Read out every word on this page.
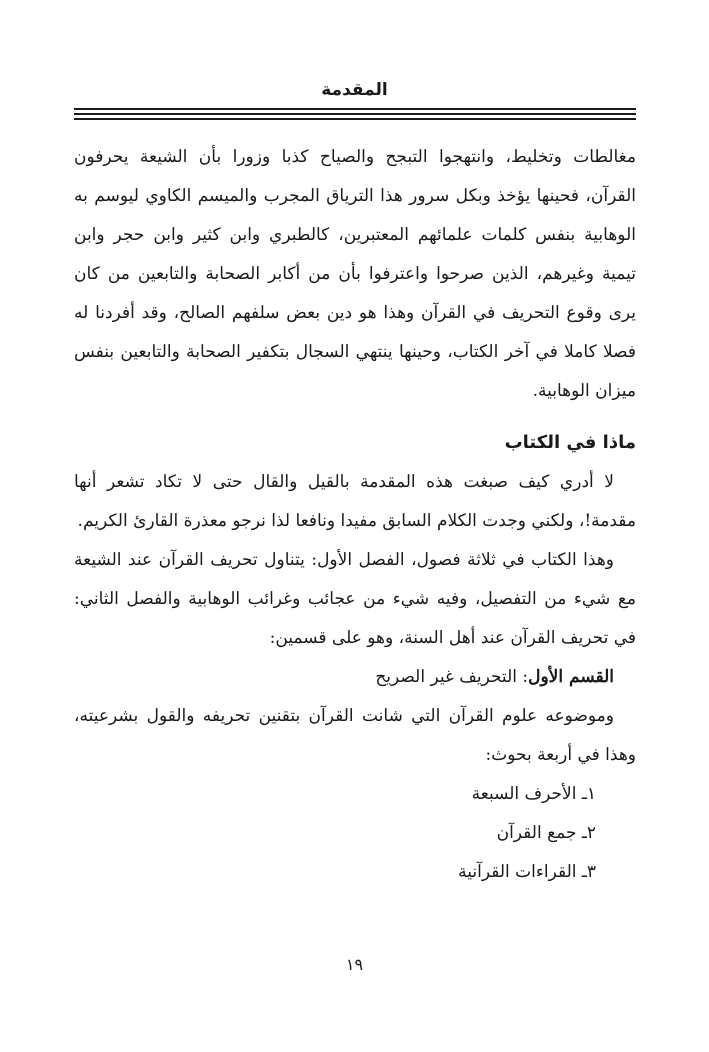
المقدمة

مغالطات وتخليط، وانتهجوا التبجح والصياح كذبا وزورا بأن الشيعة يحرفون القرآن، فحينها يؤخذ وبكل سرور هذا الترياق المجرب والميسم الكاوي ليوسم به الوهابية بنفس كلمات علمائهم المعتبرين، كالطبري وابن كثير وابن حجر وابن تيمية وغيرهم، الذين صرحوا واعترفوا بأن من أكابر الصحابة والتابعين من كان يرى وقوع التحريف في القرآن وهذا هو دين بعض سلفهم الصالح، وقد أفردنا له فصلا كاملا في آخر الكتاب، وحينها ينتهي السجال بتكفير الصحابة والتابعين بنفس ميزان الوهابية.

ماذا في الكتاب

لا أدري كيف صبغت هذه المقدمة بالقيل والقال حتى لا تكاد تشعر أنها مقدمة!، ولكني وجدت الكلام السابق مفيدا ونافعا لذا نرجو معذرة القارئ الكريم.

وهذا الكتاب في ثلاثة فصول، الفصل الأول: يتناول تحريف القرآن عند الشيعة مع شيء من التفصيل، وفيه شيء من عجائب وغرائب الوهابية والفصل الثاني: في تحريف القرآن عند أهل السنة، وهو على قسمين:

القسم الأول: التحريف غير الصريح

وموضوعه علوم القرآن التي شانت القرآن بتقنين تحريفه والقول بشرعيته، وهذا في أربعة بحوث:

١ـ الأحرف السبعة
٢ـ جمع القرآن
٣ـ القراءات القرآنية
١٩
